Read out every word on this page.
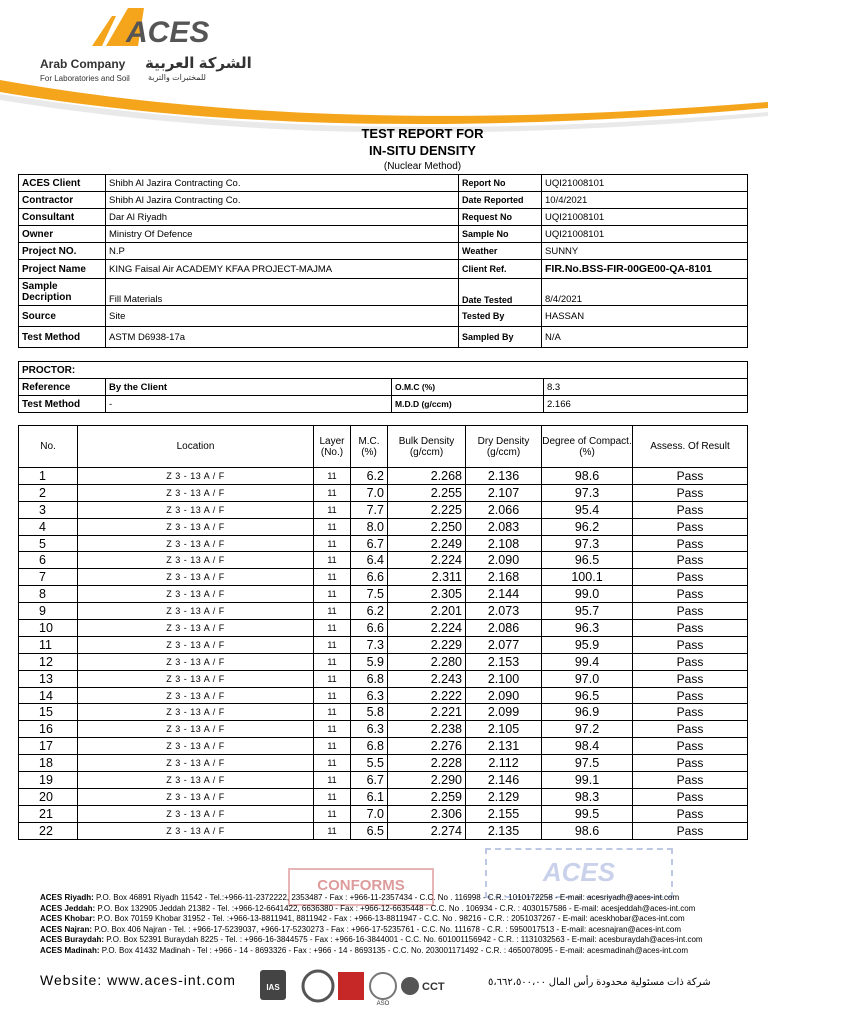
ACES
Arab Company
For Laboratories and Soil
الشركة العربية
للمختبرات والتربة
TEST REPORT FOR
IN-SITU DENSITY
(Nuclear Method)
ACES Client	Shibh Al Jazira Contracting Co.	Report No	UQI21008101
Contractor	Shibh Al Jazira Contracting Co.	Date Reported	10/4/2021
Consultant	Dar Al Riyadh	Request No	UQI21008101
Owner	Ministry Of Defence	Sample No	UQI21008101
Project NO.	N.P	Weather	SUNNY
Project Name	KING Faisal Air ACADEMY KFAA PROJECT-MAJMA	Client Ref.	FIR.No.BSS-FIR-00GE00-QA-8101
Sample Decription	Fill Materials	Date Tested	8/4/2021
Source	Site	Tested By	HASSAN
Test Method	ASTM D6938-17a	Sampled By	N/A
PROCTOR:			
Reference	By the Client	O.M.C (%)	8.3
Test Method	-	M.D.D (g/ccm)	2.166
No.	Location	Layer (No.)	M.C. (%)	Bulk Density (g/ccm)	Dry Density (g/ccm)	Degree of Compact. (%)	Assess. Of Result
1	Z 3 - 13 A / F	11	6.2	2.268	2.136	98.6	Pass
2	Z 3 - 13 A / F	11	7.0	2.255	2.107	97.3	Pass
3	Z 3 - 13 A / F	11	7.7	2.225	2.066	95.4	Pass
4	Z 3 - 13 A / F	11	8.0	2.250	2.083	96.2	Pass
5	Z 3 - 13 A / F	11	6.7	2.249	2.108	97.3	Pass
6	Z 3 - 13 A / F	11	6.4	2.224	2.090	96.5	Pass
7	Z 3 - 13 A / F	11	6.6	2.311	2.168	100.1	Pass
8	Z 3 - 13 A / F	11	7.5	2.305	2.144	99.0	Pass
9	Z 3 - 13 A / F	11	6.2	2.201	2.073	95.7	Pass
10	Z 3 - 13 A / F	11	6.6	2.224	2.086	96.3	Pass
11	Z 3 - 13 A / F	11	7.3	2.229	2.077	95.9	Pass
12	Z 3 - 13 A / F	11	5.9	2.280	2.153	99.4	Pass
13	Z 3 - 13 A / F	11	6.8	2.243	2.100	97.0	Pass
14	Z 3 - 13 A / F	11	6.3	2.222	2.090	96.5	Pass
15	Z 3 - 13 A / F	11	5.8	2.221	2.099	96.9	Pass
16	Z 3 - 13 A / F	11	6.3	2.238	2.105	97.2	Pass
17	Z 3 - 13 A / F	11	6.8	2.276	2.131	98.4	Pass
18	Z 3 - 13 A / F	11	5.5	2.228	2.112	97.5	Pass
19	Z 3 - 13 A / F	11	6.7	2.290	2.146	99.1	Pass
20	Z 3 - 13 A / F	11	6.1	2.259	2.129	98.3	Pass
21	Z 3 - 13 A / F	11	7.0	2.306	2.155	99.5	Pass
22	Z 3 - 13 A / F	11	6.5	2.274	2.135	98.6	Pass
CONFORMS	ACES
ACES Riyadh: P.O. Box 46891 Riyadh 11542 - Tel.:+966-11-2372222, 2353487 - Fax : +966-11-2357434 - C.C. No . 116998 - C.R.: 1010172258 - E-mail: acesriyadh@aces-int.com
ACES Jeddah: P.O. Box 132905 Jeddah 21382 - Tel. :+966-12-6641422, 6636380 - Fax : +966-12-6635448 - C.C. No . 106934 - C.R. : 4030157586 - E-mail: acesjeddah@aces-int.com
ACES Khobar: P.O. Box 70159 Khobar 31952 - Tel. :+966-13-8811941, 8811942 - Fax : +966-13-8811947 - C.C. No . 98216 - C.R. : 2051037267 - E-mail: aceskhobar@aces-int.com
ACES Najran: P.O. Box 406 Najran - Tel. : +966-17-5239037, +966-17-5230273 - Fax : +966-17-5235761 - C.C. No. 111678 - C.R. : 5950017513 - E-mail: acesnajran@aces-int.com
ACES Buraydah: P.O. Box 52391 Buraydah 8225 - Tel. : +966-16-3844575 - Fax : +966-16-3844001 - C.C. No. 601001156942 - C.R. : 1131032563 - E-mail: acesburaydah@aces-int.com
ACES Madinah: P.O. Box 41432 Madinah - Tel : +966 - 14 - 8693326 - Fax : +966 - 14 - 8693135 - C.C. No. 203001171492 - C.R. : 4650078095 - E-mail: acesmadinah@aces-int.com
Website: www.aces-int.com	IAS
ASO
CCT	شركة ذات مسئولية محدودة رأس المال ٥،٦٦٢،٥٠٠،٠٠
